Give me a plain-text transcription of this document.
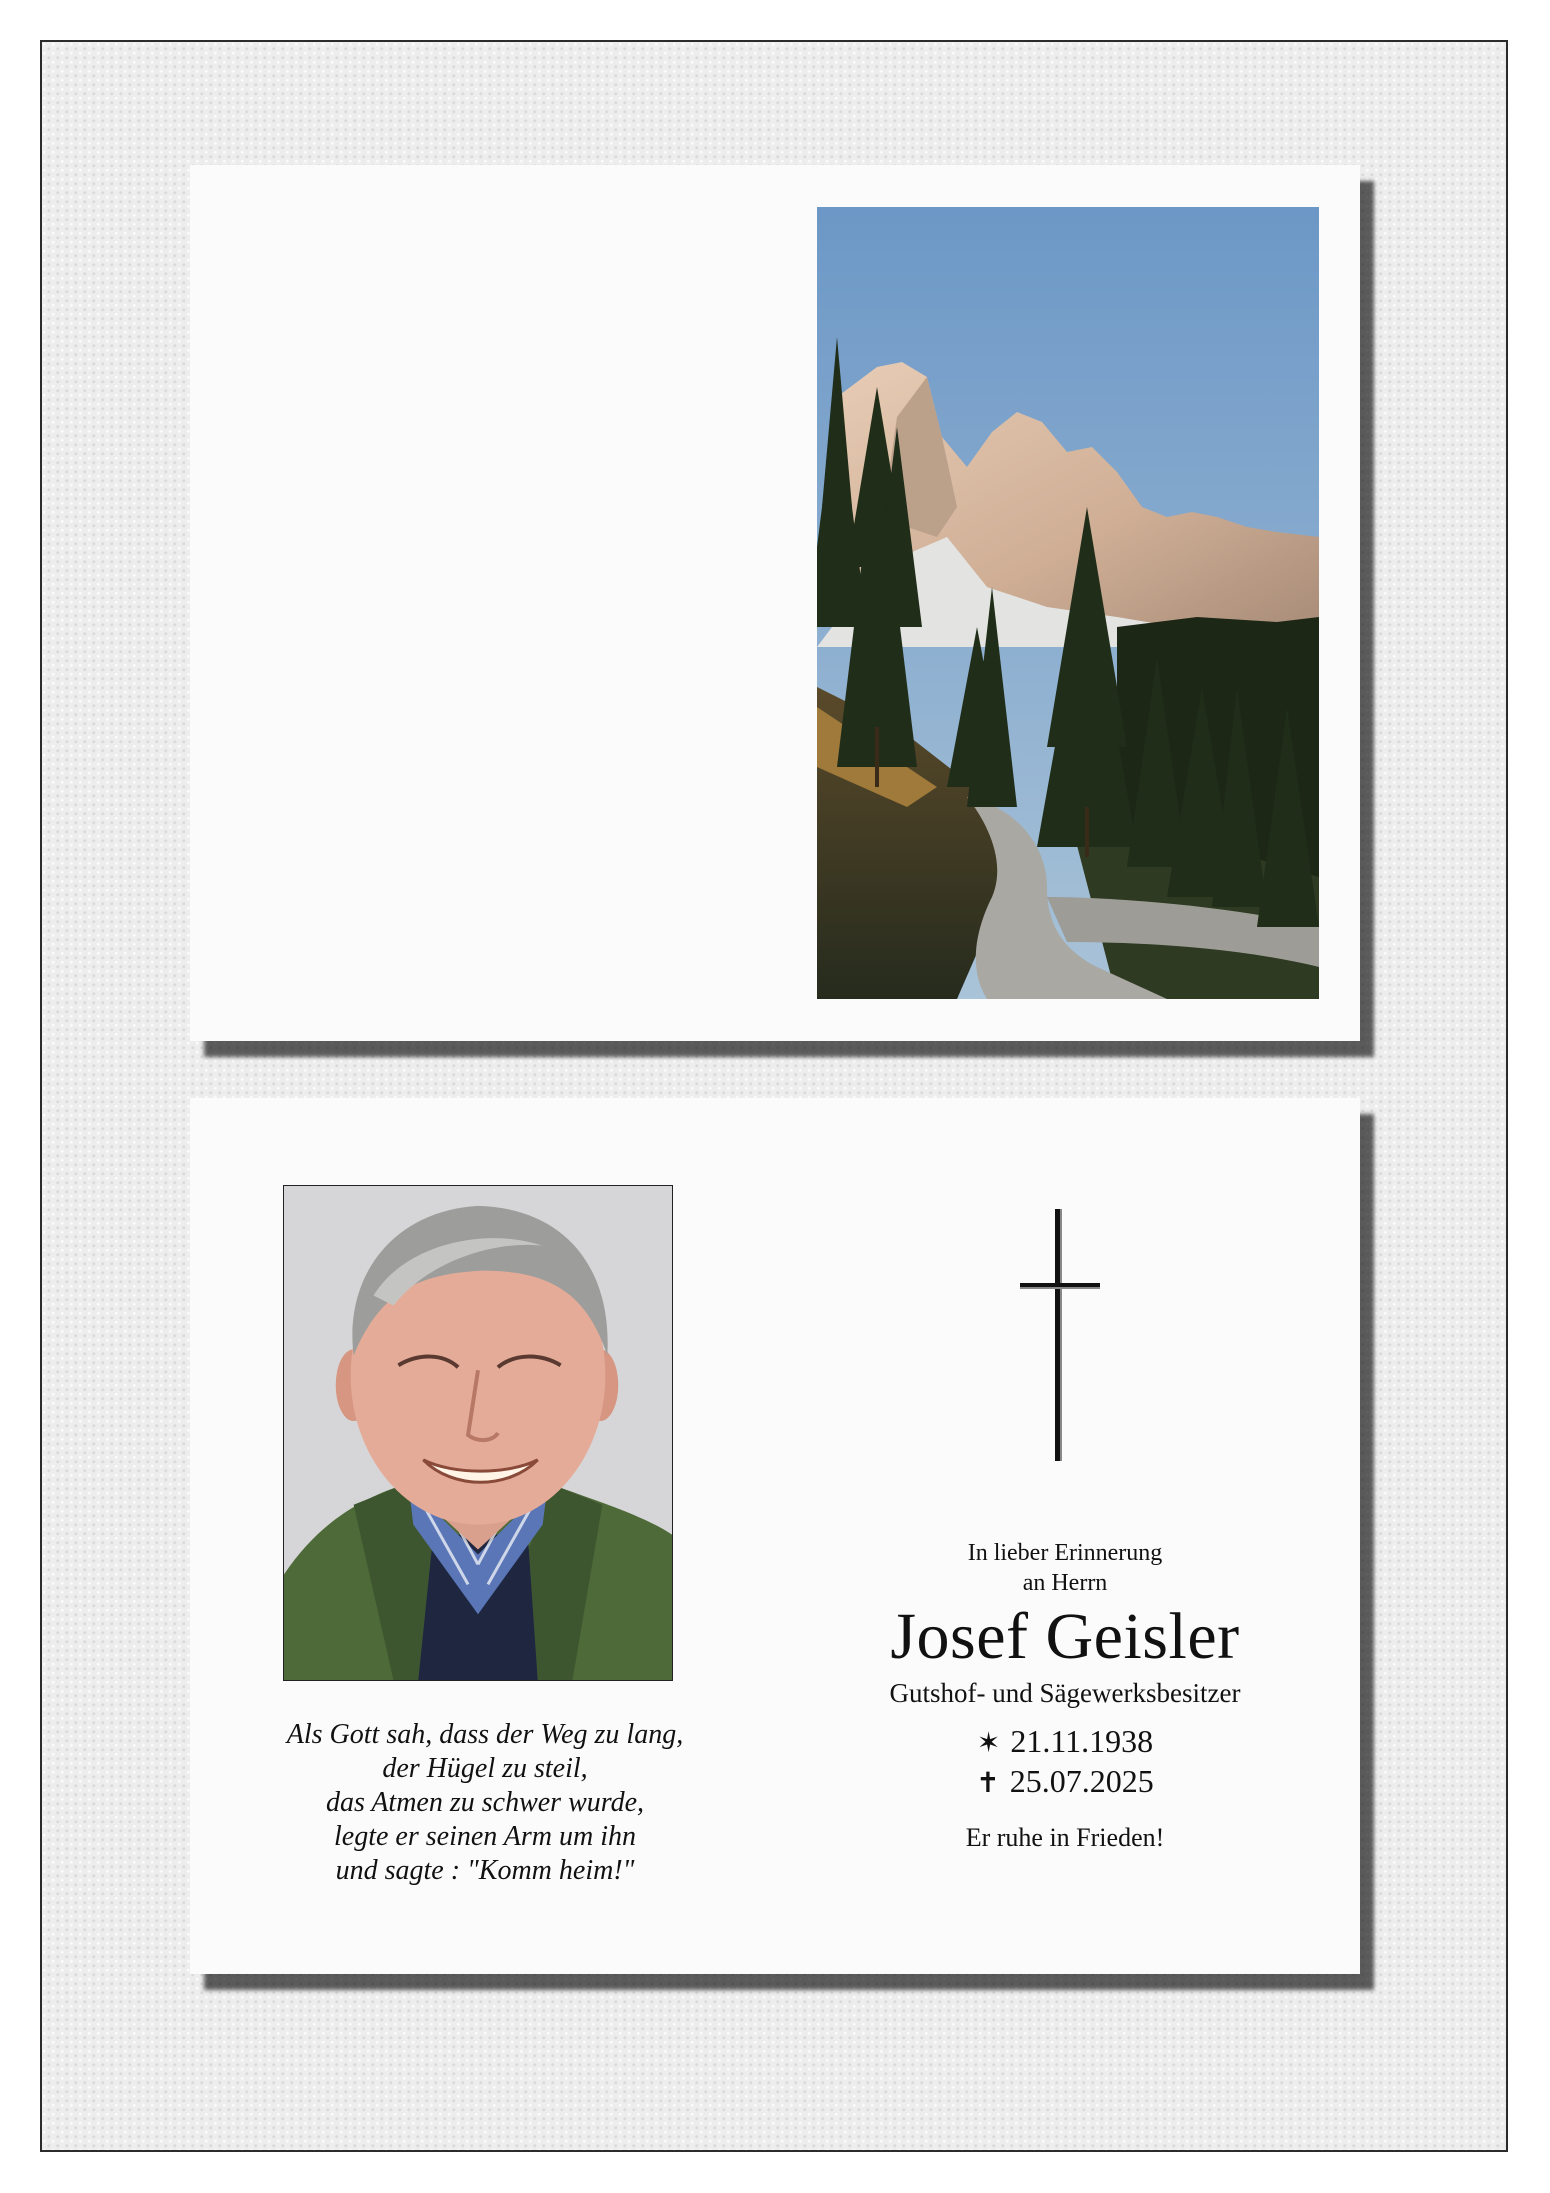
Als Gott sah, dass der Weg zu lang,
der Hügel zu steil,
das Atmen zu schwer wurde,
legte er seinen Arm um ihn
und sagte : "Komm heim!"
In lieber Erinnerung
an Herrn
Josef Geisler
Gutshof- und Sägewerksbesitzer
✶ 21.11.1938
✝ 25.07.2025
Er ruhe in Frieden!
